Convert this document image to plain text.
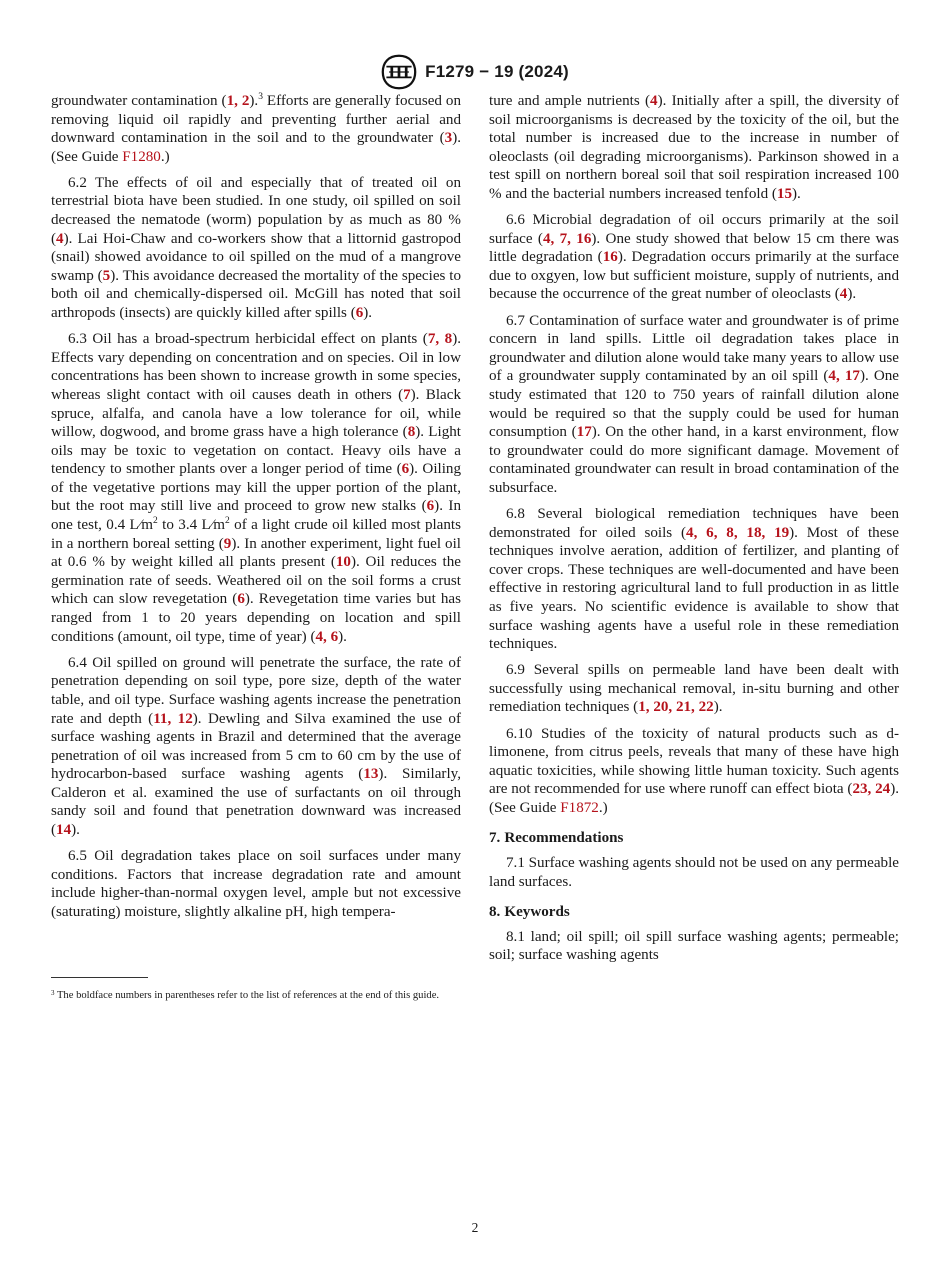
F1279 − 19 (2024)

groundwater contamination (1, 2).$^3$ Efforts are generally focused on removing liquid oil rapidly and preventing further aerial and downward contamination in the soil and to the groundwater (3). (See Guide F1280.)

6.2 The effects of oil and especially that of treated oil on terrestrial biota have been studied. In one study, oil spilled on soil decreased the nematode (worm) population by as much as 80 % (4). Lai Hoi-Chaw and co-workers show that a littornid gastropod (snail) showed avoidance to oil spilled on the mud of a mangrove swamp (5). This avoidance decreased the mortality of the species to both oil and chemically-dispersed oil. McGill has noted that soil arthropods (insects) are quickly killed after spills (6).

6.3 Oil has a broad-spectrum herbicidal effect on plants (7, 8). Effects vary depending on concentration and on species. Oil in low concentrations has been shown to increase growth in some species, whereas slight contact with oil causes death in others (7). Black spruce, alfalfa, and canola have a low tolerance for oil, while willow, dogwood, and brome grass have a high tolerance (8). Light oils may be toxic to vegetation on contact. Heavy oils have a tendency to smother plants over a longer period of time (6). Oiling of the vegetative portions may kill the upper portion of the plant, but the root may still live and proceed to grow new stalks (6). In one test, 0.4 $L⁄m^2$ to 3.4 $L⁄m^2$ of a light crude oil killed most plants in a northern boreal setting (9). In another experiment, light fuel oil at 0.6 % by weight killed all plants present (10). Oil reduces the germination rate of seeds. Weathered oil on the soil forms a crust which can slow revegetation (6). Revegetation time varies but has ranged from 1 to 20 years depending on location and spill conditions (amount, oil type, time of year) (4, 6).

6.4 Oil spilled on ground will penetrate the surface, the rate of penetration depending on soil type, pore size, depth of the water table, and oil type. Surface washing agents increase the penetration rate and depth (11, 12). Dewling and Silva examined the use of surface washing agents in Brazil and determined that the average penetration of oil was increased from 5 cm to 60 cm by the use of hydrocarbon-based surface washing agents (13). Similarly, Calderon et al. examined the use of surfactants on oil through sandy soil and found that penetration downward was increased (14).

6.5 Oil degradation takes place on soil surfaces under many conditions. Factors that increase degradation rate and amount include higher-than-normal oxygen level, ample but not excessive (saturating) moisture, slightly alkaline pH, high tempera-

ture and ample nutrients (4). Initially after a spill, the diversity of soil microorganisms is decreased by the toxicity of the oil, but the total number is increased due to the increase in number of oleoclasts (oil degrading microorganisms). Parkinson showed in a test spill on northern boreal soil that soil respiration increased 100 % and the bacterial numbers increased tenfold (15).

6.6 Microbial degradation of oil occurs primarily at the soil surface (4, 7, 16). One study showed that below 15 cm there was little degradation (16). Degradation occurs primarily at the surface due to oxgyen, low but sufficient moisture, supply of nutrients, and because the occurrence of the great number of oleoclasts (4).

6.7 Contamination of surface water and groundwater is of prime concern in land spills. Little oil degradation takes place in groundwater and dilution alone would take many years to allow use of a groundwater supply contaminated by an oil spill (4, 17). One study estimated that 120 to 750 years of rainfall dilution alone would be required so that the supply could be used for human consumption (17). On the other hand, in a karst environment, flow to groundwater could do more significant damage. Movement of contaminated groundwater can result in broad contamination of the subsurface.

6.8 Several biological remediation techniques have been demonstrated for oiled soils (4, 6, 8, 18, 19). Most of these techniques involve aeration, addition of fertilizer, and planting of cover crops. These techniques are well-documented and have been effective in restoring agricultural land to full production in as little as five years. No scientific evidence is available to show that surface washing agents have a useful role in these remediation techniques.

6.9 Several spills on permeable land have been dealt with successfully using mechanical removal, in-situ burning and other remediation techniques (1, 20, 21, 22).

6.10 Studies of the toxicity of natural products such as d-limonene, from citrus peels, reveals that many of these have high aquatic toxicities, while showing little human toxicity. Such agents are not recommended for use where runoff can effect biota (23, 24). (See Guide F1872.)

7. Recommendations

7.1 Surface washing agents should not be used on any permeable land surfaces.

8. Keywords

8.1 land; oil spill; oil spill surface washing agents; permeable; soil; surface washing agents

$^3$ The boldface numbers in parentheses refer to the list of references at the end of this guide.
2
